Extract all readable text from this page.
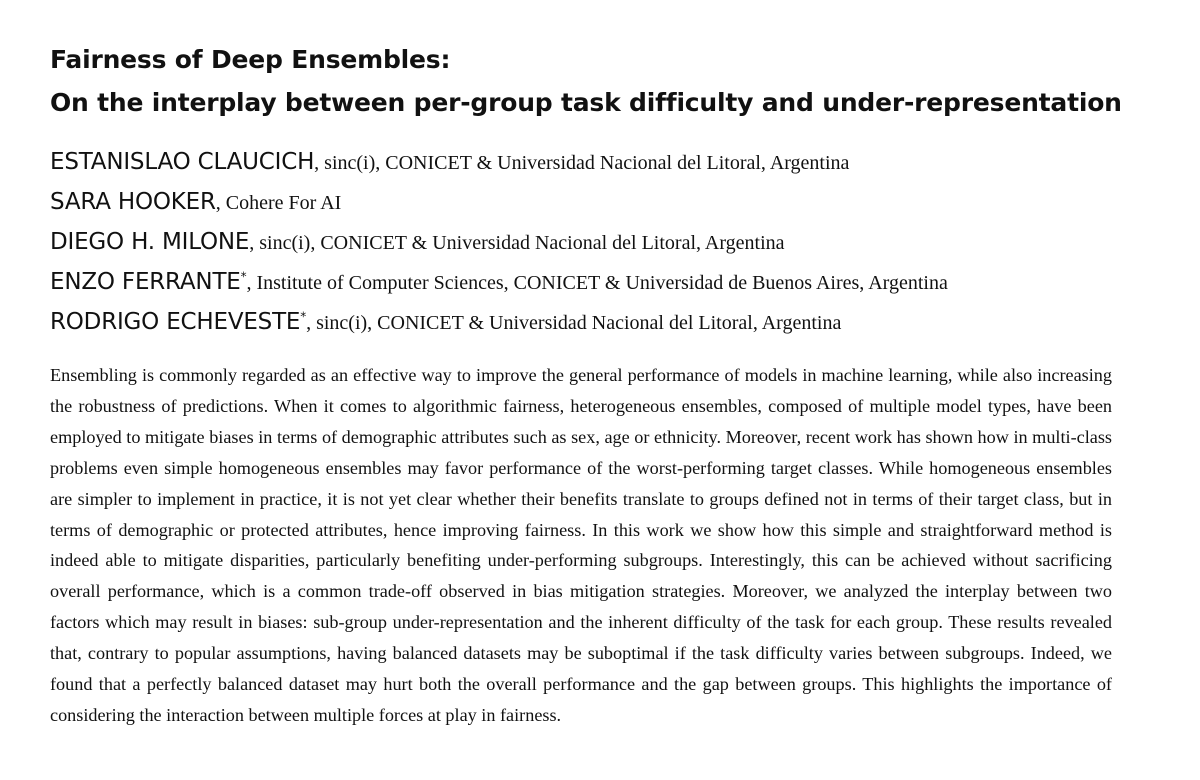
Fairness of Deep Ensembles:
On the interplay between per-group task difficulty and under-representation
ESTANISLAO CLAUCICH, sinc(i), CONICET & Universidad Nacional del Litoral, Argentina
SARA HOOKER, Cohere For AI
DIEGO H. MILONE, sinc(i), CONICET & Universidad Nacional del Litoral, Argentina
ENZO FERRANTE*, Institute of Computer Sciences, CONICET & Universidad de Buenos Aires, Argentina
RODRIGO ECHEVESTE*, sinc(i), CONICET & Universidad Nacional del Litoral, Argentina

Ensembling is commonly regarded as an effective way to improve the general performance of models in machine learning, while also increasing the robustness of predictions. When it comes to algorithmic fairness, heterogeneous ensembles, composed of multiple model types, have been employed to mitigate biases in terms of demographic attributes such as sex, age or ethnicity. Moreover, recent work has shown how in multi-class problems even simple homogeneous ensembles may favor performance of the worst-performing target classes. While homogeneous ensembles are simpler to implement in practice, it is not yet clear whether their benefits translate to groups defined not in terms of their target class, but in terms of demographic or protected attributes, hence improving fairness. In this work we show how this simple and straightforward method is indeed able to mitigate disparities, particularly benefiting under-performing subgroups. Interestingly, this can be achieved without sacrificing overall performance, which is a common trade-off observed in bias mitigation strategies. Moreover, we analyzed the interplay between two factors which may result in biases: sub-group under-representation and the inherent difficulty of the task for each group. These results revealed that, contrary to popular assumptions, having balanced datasets may be suboptimal if the task difficulty varies between subgroups. Indeed, we found that a perfectly balanced dataset may hurt both the overall performance and the gap between groups. This highlights the importance of considering the interaction between multiple forces at play in fairness.
